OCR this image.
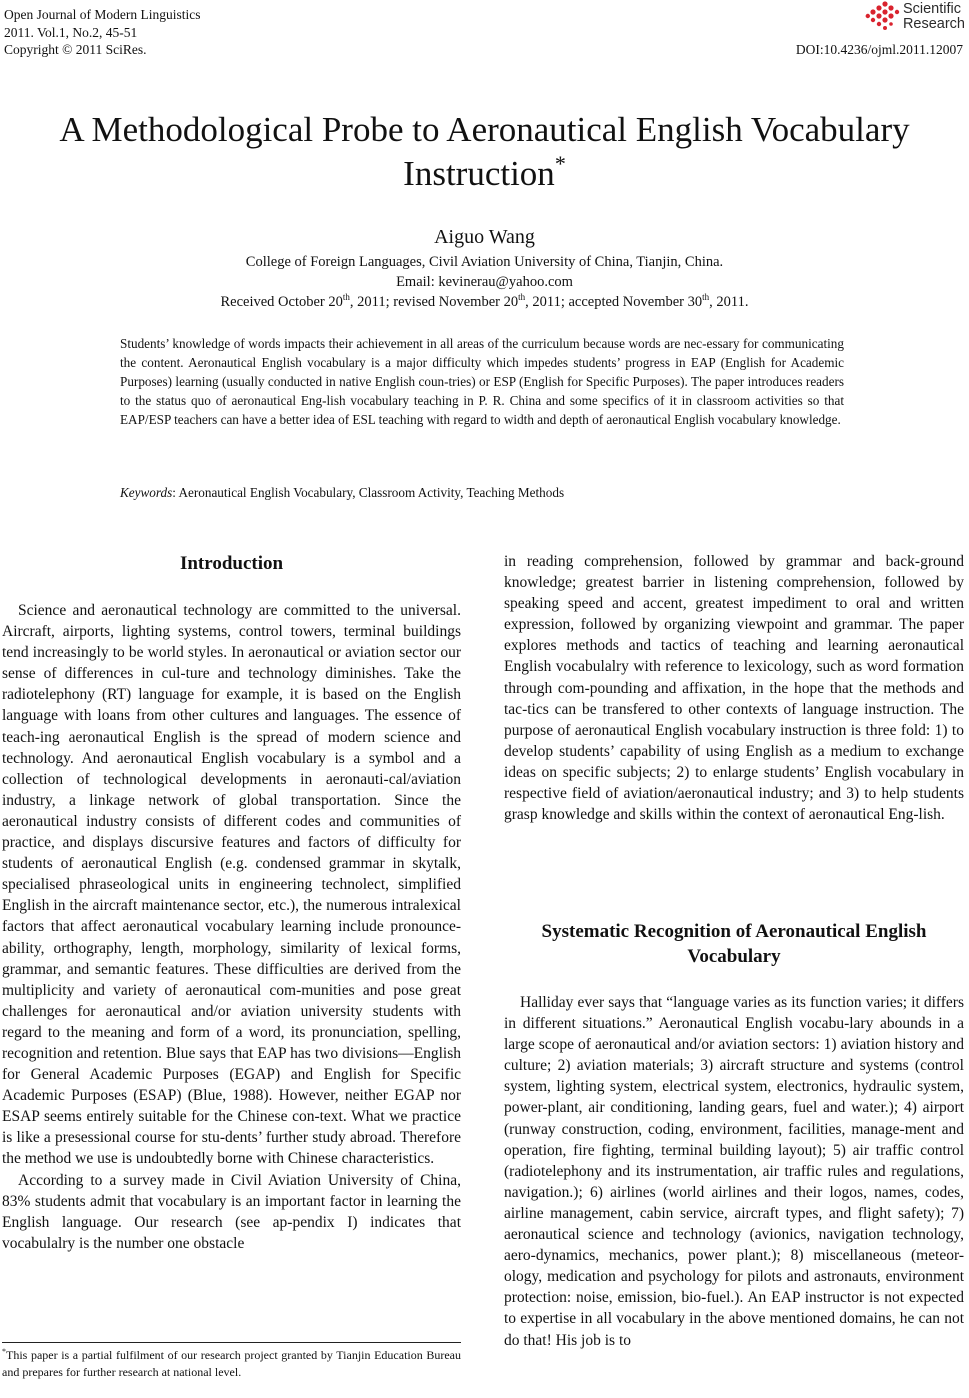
Open Journal of Modern Linguistics
2011. Vol.1, No.2, 45-51
Copyright © 2011 SciRes.
Scientific
Research
DOI:10.4236/ojml.2011.12007
A Methodological Probe to Aeronautical English Vocabulary
Instruction*
Aiguo Wang
College of Foreign Languages, Civil Aviation University of China, Tianjin, China.
Email: kevinerau@yahoo.com
Received October 20th, 2011; revised November 20th, 2011; accepted November 30th, 2011.
Students’ knowledge of words impacts their achievement in all areas of the curriculum because words are nec-essary for communicating the content. Aeronautical English vocabulary is a major difficulty which impedes students’ progress in EAP (English for Academic Purposes) learning (usually conducted in native English coun-tries) or ESP (English for Specific Purposes). The paper introduces readers to the status quo of aeronautical Eng-lish vocabulary teaching in P. R. China and some specifics of it in classroom activities so that EAP/ESP teachers can have a better idea of ESL teaching with regard to width and depth of aeronautical English vocabulary knowledge.
Keywords: Aeronautical English Vocabulary, Classroom Activity, Teaching Methods
Introduction

Science and aeronautical technology are committed to the universal. Aircraft, airports, lighting systems, control towers, terminal buildings tend increasingly to be world styles. In aeronautical or aviation sector our sense of differences in cul-ture and technology diminishes. Take the radiotelephony (RT) language for example, it is based on the English language with loans from other cultures and languages. The essence of teach-ing aeronautical English is the spread of modern science and technology. And aeronautical English vocabulary is a symbol and a collection of technological developments in aeronauti-cal/aviation industry, a linkage network of global transportation. Since the aeronautical industry consists of different codes and communities of practice, and displays discursive features and factors of difficulty for students of aeronautical English (e.g. condensed grammar in skytalk, specialised phraseological units in engineering technolect, simplified English in the aircraft maintenance sector, etc.), the numerous intralexical factors that affect aeronautical vocabulary learning include pronounce-ability, orthography, length, morphology, similarity of lexical forms, grammar, and semantic features. These difficulties are derived from the multiplicity and variety of aeronautical com-munities and pose great challenges for aeronautical and/or aviation university students with regard to the meaning and form of a word, its pronunciation, spelling, recognition and retention. Blue says that EAP has two divisions—English for General Academic Purposes (EGAP) and English for Specific Academic Purposes (ESAP) (Blue, 1988). However, neither EGAP nor ESAP seems entirely suitable for the Chinese con-text. What we practice is like a presessional course for stu-dents’ further study abroad. Therefore the method we use is undoubtedly borne with Chinese characteristics.

According to a survey made in Civil Aviation University of China, 83% students admit that vocabulary is an important factor in learning the English language. Our research (see ap-pendix I) indicates that vocabulalry is the number one obstacle

*This paper is a partial fulfilment of our research project granted by Tianjin Education Bureau and prepares for further research at national level.

in reading comprehension, followed by grammar and back-ground knowledge; greatest barrier in listening comprehension, followed by speaking speed and accent, greatest impediment to oral and written expression, followed by organizing viewpoint and grammar. The paper explores methods and tactics of teaching and learning aeronautical English vocabulalry with reference to lexicology, such as word formation through com-pounding and affixation, in the hope that the methods and tac-tics can be transfered to other contexts of language instruction. The purpose of aeronautical English vocabulary instruction is three fold: 1) to develop students’ capability of using English as a medium to exchange ideas on specific subjects; 2) to enlarge students’ English vocabulary in respective field of aviation/aeronautical industry; and 3) to help students grasp knowledge and skills within the context of aeronautical Eng-lish.

Systematic Recognition of Aeronautical English
Vocabulary

Halliday ever says that “language varies as its function varies; it differs in different situations.” Aeronautical English vocabu-lary abounds in a large scope of aeronautical and/or aviation sectors: 1) aviation history and culture; 2) aviation materials; 3) aircraft structure and systems (control system, lighting system, electrical system, electronics, hydraulic system, power-plant, air conditioning, landing gears, fuel and water.); 4) airport (runway construction, coding, environment, facilities, manage-ment and operation, fire fighting, terminal building layout); 5) air traffic control (radiotelephony and its instrumentation, air traffic rules and regulations, navigation.); 6) airlines (world airlines and their logos, names, codes, airline management, cabin service, aircraft types, and flight safety); 7) aeronautical science and technology (avionics, navigation technology, aero-dynamics, mechanics, power plant.); 8) miscellaneous (meteor-ology, medication and psychology for pilots and astronauts, environment protection: noise, emission, bio-fuel.). An EAP instructor is not expected to expertise in all vocabulary in the above mentioned domains, he can not do that! His job is to
